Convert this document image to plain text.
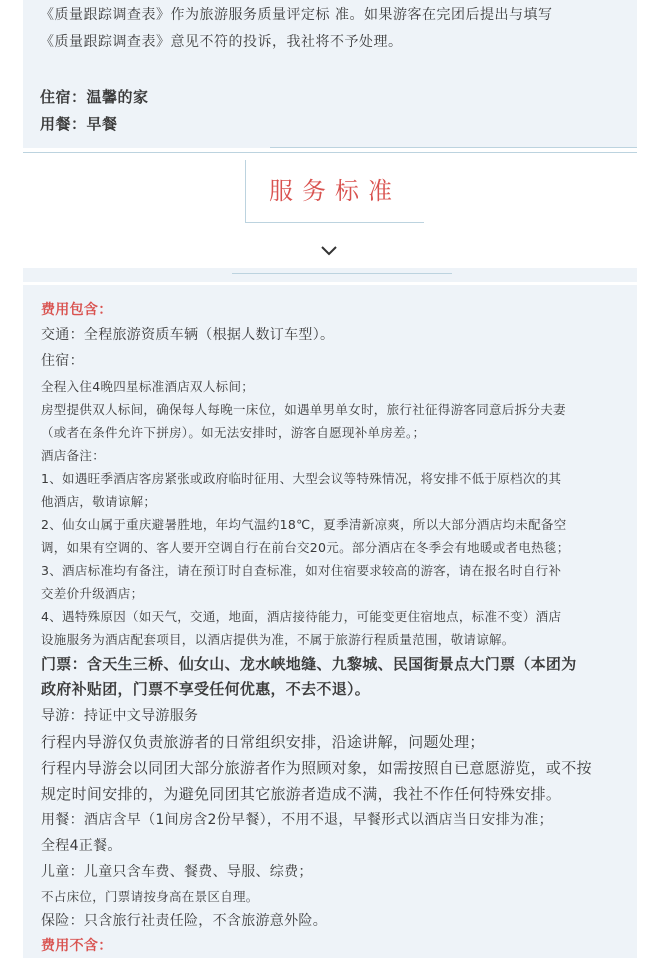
《质量跟踪调查表》作为旅游服务质量评定标 准。如果游客在完团后提出与填写
《质量跟踪调查表》意见不符的投诉，我社将不予处理。
住宿：温馨的家
用餐：早餐
服务标准
费用包含：
交通：全程旅游资质车辆（根据人数订车型）。
住宿：
全程入住4晚四星标准酒店双人标间；
房型提供双人标间，确保每人每晚一床位，如遇单男单女时，旅行社征得游客同意后拆分夫妻
（或者在条件允许下拼房）。如无法安排时，游客自愿现补单房差。；
酒店备注：
1、如遇旺季酒店客房紧张或政府临时征用、大型会议等特殊情况，将安排不低于原档次的其
他酒店，敬请谅解；
2、仙女山属于重庆避暑胜地，年均气温约18℃，夏季清新凉爽，所以大部分酒店均未配备空
调，如果有空调的、客人要开空调自行在前台交20元。部分酒店在冬季会有地暖或者电热毯；
3、酒店标准均有备注，请在预订时自查标准，如对住宿要求较高的游客，请在报名时自行补
交差价升级酒店；
4、遇特殊原因（如天气，交通，地面，酒店接待能力，可能变更住宿地点，标准不变）酒店
设施服务为酒店配套项目，以酒店提供为准，不属于旅游行程质量范围，敬请谅解。
门票：含天生三桥、仙女山、龙水峡地缝、九黎城、民国街景点大门票（本团为
政府补贴团，门票不享受任何优惠，不去不退）。
导游：持证中文导游服务
行程内导游仅负责旅游者的日常组织安排，沿途讲解，问题处理；
行程内导游会以同团大部分旅游者作为照顾对象，如需按照自已意愿游览，或不按
规定时间安排的，为避免同团其它旅游者造成不满，我社不作任何特殊安排。
用餐：酒店含早（1间房含2份早餐），不用不退，早餐形式以酒店当日安排为准；
全程4正餐。
儿童：儿童只含车费、餐费、导服、综费；
不占床位，门票请按身高在景区自理。
保险：只含旅行社责任险，不含旅游意外险。
费用不含：
